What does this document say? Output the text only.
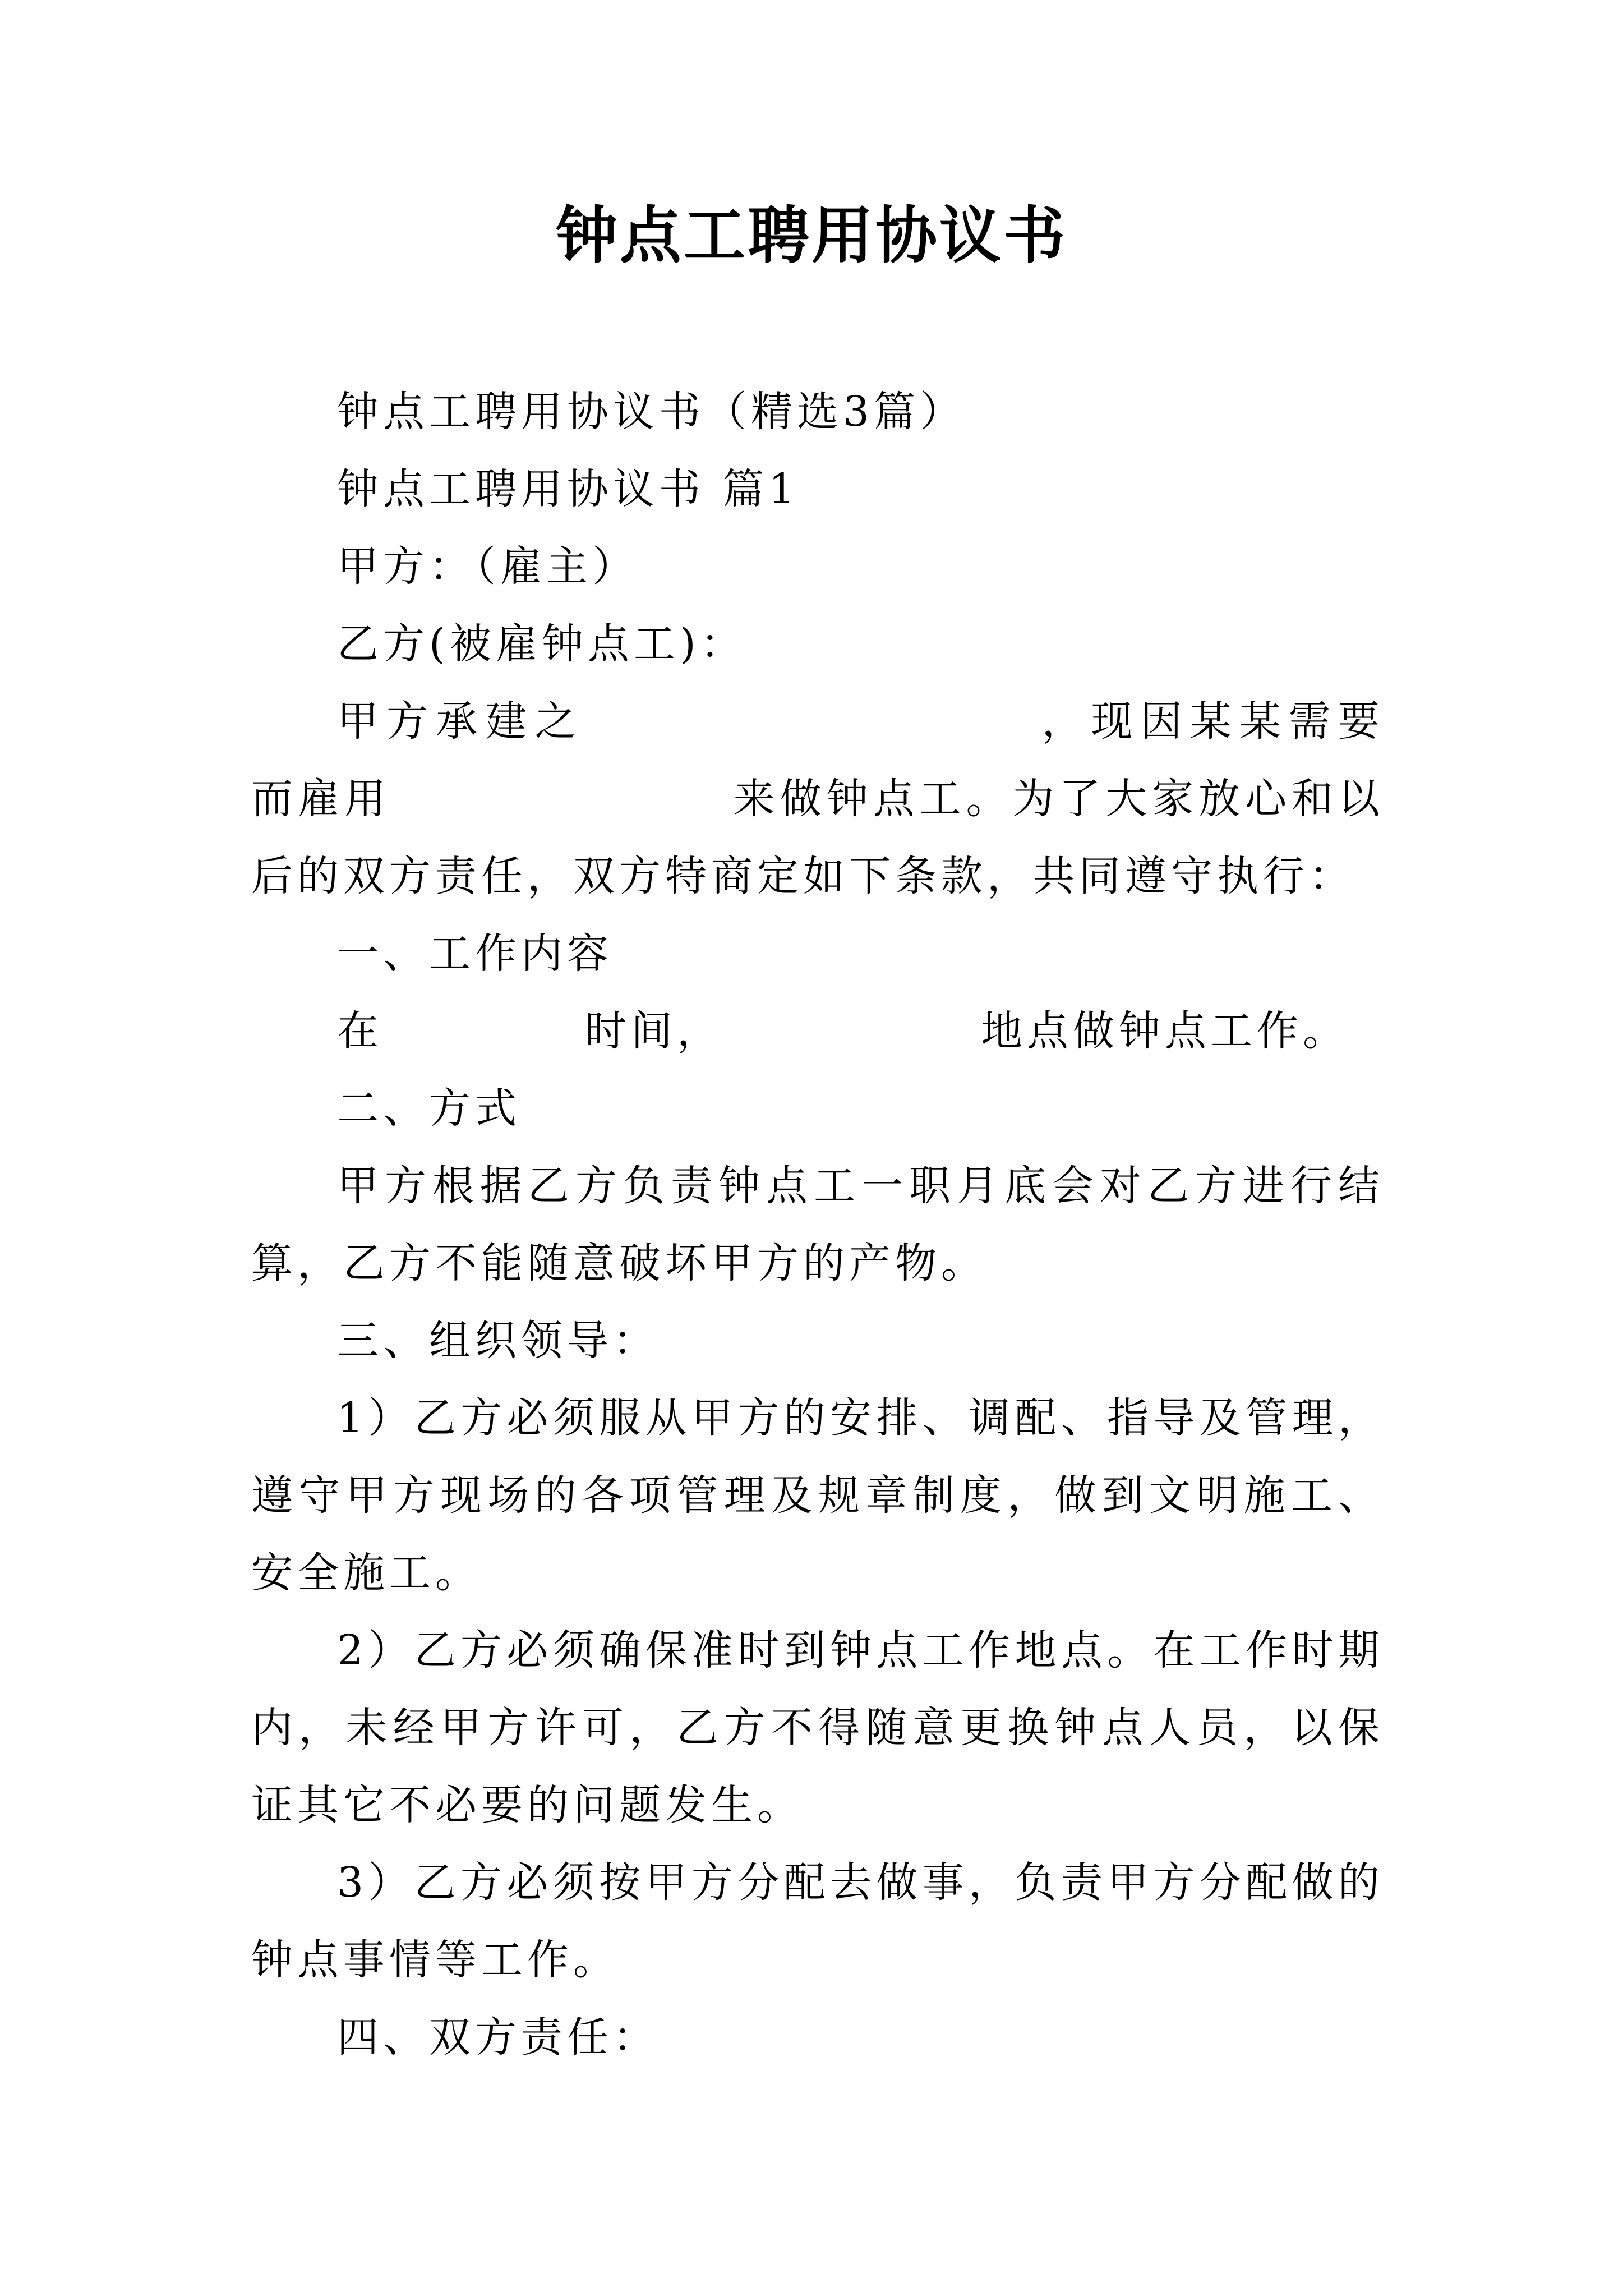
钟点工聘用协议书

钟点工聘用协议书（精选3篇）

钟点工聘用协议书 篇1

甲方：（雇主）

乙方(被雇钟点工)：

甲方承建之	，现因某某需要而雇用	来做钟点工。为了大家放心和以后的双方责任，双方特商定如下条款，共同遵守执行：

一、工作内容

在	时间，	地点做钟点工作。

二、方式

甲方根据乙方负责钟点工一职月底会对乙方进行结算，乙方不能随意破坏甲方的产物。

三、组织领导：

1）乙方必须服从甲方的安排、调配、指导及管理，遵守甲方现场的各项管理及规章制度，做到文明施工、安全施工。

2）乙方必须确保准时到钟点工作地点。在工作时期内，未经甲方许可，乙方不得随意更换钟点人员，以保证其它不必要的问题发生。

3）乙方必须按甲方分配去做事，负责甲方分配做的钟点事情等工作。

四、双方责任：
